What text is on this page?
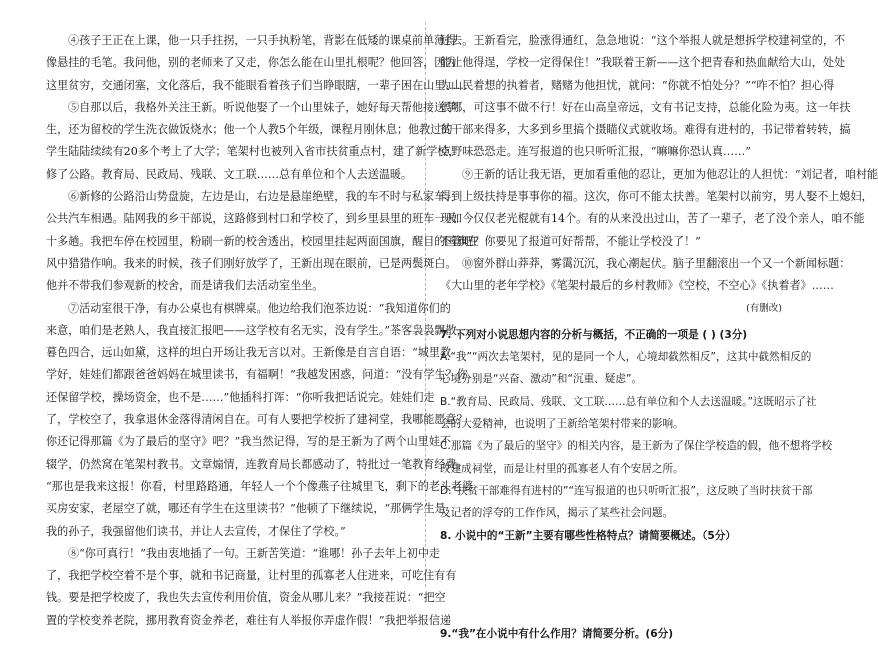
④孩子王正在上课，他一只手拄拐，一只手执粉笔，背影在低矮的课桌前单薄得
像悬挂的毛笔。我问他，别的老师来了又走，你怎么能在山里扎根呢？他回答，因为
这里贫穷，交通闭塞，文化落后，我不能眼看着孩子们当睁眼瞎，一辈子困在山里……
⑤自那以后，我格外关注王新。听说他娶了一个山里妹子，她好每天帮他接送学
生，还为留校的学生洗衣做饭烧水；他一个人教5个年级，课程月刚休息；他教过的
学生陆陆续续有20多个考上了大学；笔架村也被列入省市扶贫重点村，建了新学校，
修了公路。教育局、民政局、残联、文工联……总有单位和个人去送温暖。
⑥新修的公路沿山势盘旋，左边是山，右边是悬崖绝壁，我的车不时与私家车、
公共汽车相遇。陆网我的乡干部说，这路修到村口和学校了，到乡里县里的班车一天
十多趟。我把车停在校园里，粉刷一新的校舍透出，校园里挂起两面国旗，醒目的国旗在
风中猎猎作响。我来的时候，孩子们刚好放学了，王新出现在眼前，已是两鬓斑白。
他并不带我们参观新的校舍，而是请我们去活动室坐坐。
⑦活动室很干净，有办公桌也有棋牌桌。他边给我们泡茶边说：“我知道你们的
来意，咱们是老熟人，我直接汇报吧——这学校有名无实，没有学生。”茶客袅袅飘散，
暮色四合，远山如黛，这样的坦白开场让我无言以对。王新像是自言自语：“城里教
学好，娃娃们都跟爸爸妈妈在城里读书，有福啊！”我越发困惑，问道：“没有学生？你
还保留学校，操场资金，也不是……”他插科打诨：“你听我把话说完。娃娃们走
了，学校空了，我拿退休金落得清闲自在。可有人要把学校折了建祠堂，我哪能愿意？
你还记得那篇《为了最后的坚守》吧？”我当然记得，写的是王新为了两个山里娃不
辍学，仍然窝在笔架村教书。文章煽情，连教育局长都感动了，特批过一笔教育经费。
“那也是我来这报！你看，村里路路通，年轻人一个个像燕子往城里飞，剩下的老头老婆
买房安家，老屋空了就，哪还有学生在这里读书？”他顿了下继续说，“那俩学生是
我的孙子，我强留他们读书，并让人去宣传，才保住了学校。”
⑧“你可真行！”我由衷地插了一句。王新苦笑道：“谁哪！孙子去年上初中走
了，我把学校空着不是个事，就和书记商量，让村里的孤寡老人住进来，可吃住有有
钱。要是把学校废了，我也失去宣传利用价值，资金从哪儿来？”我接茬说：“把空
置的学校变养老院，挪用教育资金养老，难往有人举报你弄虚作假！”我把举报信递
过去。王新看完，脸涨得通红，急急地说：“这个举报人就是想拆学校建祠堂的，不
能让他得逞，学校一定得保住！”我联着王新——这个把青春和热血献给大山，处处
为山民着想的执着者，赌赌为他担忧，就问：“你就不怕处分？”“咋不怕？担心得
很哪，可这事不做不行！好在山高皇帝远，文有书记支持，总能化险为夷。这一年扶
贫干部来得多，大多到乡里搞个摄瞄仪式就收场。难得有进村的，书记带着转转，搞
点野味恐恐走。连写报道的也只听听汇报，“嘛嘛你恐认真……”
⑨王新的话让我无语，更加看重他的忍让，更加为他忍让的人担忧：“刘记者，咱村能
得到上级扶持是事事你的福。这次，你可不能太扶善。笔架村以前穷，男人娶不上媳妇，
现如今仅仅老光棍就有14个。有的从来没出过山，苦了一辈子，老了没个亲人，咱不能
不管吧？你要见了报道可好帮帮，不能让学校没了！”
⑩窗外群山莽莽，雾霭沉沉，我心潮起伏。脑子里翻滚出一个又一个新闻标题：
《大山里的老年学校》《笔架村最后的乡村教师》《空校，不空心》《执着者》……
(有删改)
7. 下列对小说思想内容的分析与概括，不正确的一项是 ( ) (3分)
A.“我”“两次去笔架村，见的是同一个人，心境却截然相反”，这其中截然相反的
心境分别是“兴奋、激动”和“沉重、疑虑”。
B.“教育局、民政局、残联、文工联……总有单位和个人去送温暖。”这既昭示了社
会的大爱精神，也说明了王新给笔架村带来的影响。
C.那篇《为了最后的坚守》的相关内容，是王新为了保住学校造的假，他不想将学校
改建成祠堂，而是让村里的孤寡老人有个安居之所。
D.“扶贫干部难得有进村的”“连写报道的也只听听汇报”，这反映了当时扶贫干部
及记者的浮夸的工作作风，揭示了某些社会问题。
8. 小说中的“王新”主要有哪些性格特点？请简要概述。（5分）
9.“我”在小说中有什么作用？请简要分析。(6分)
